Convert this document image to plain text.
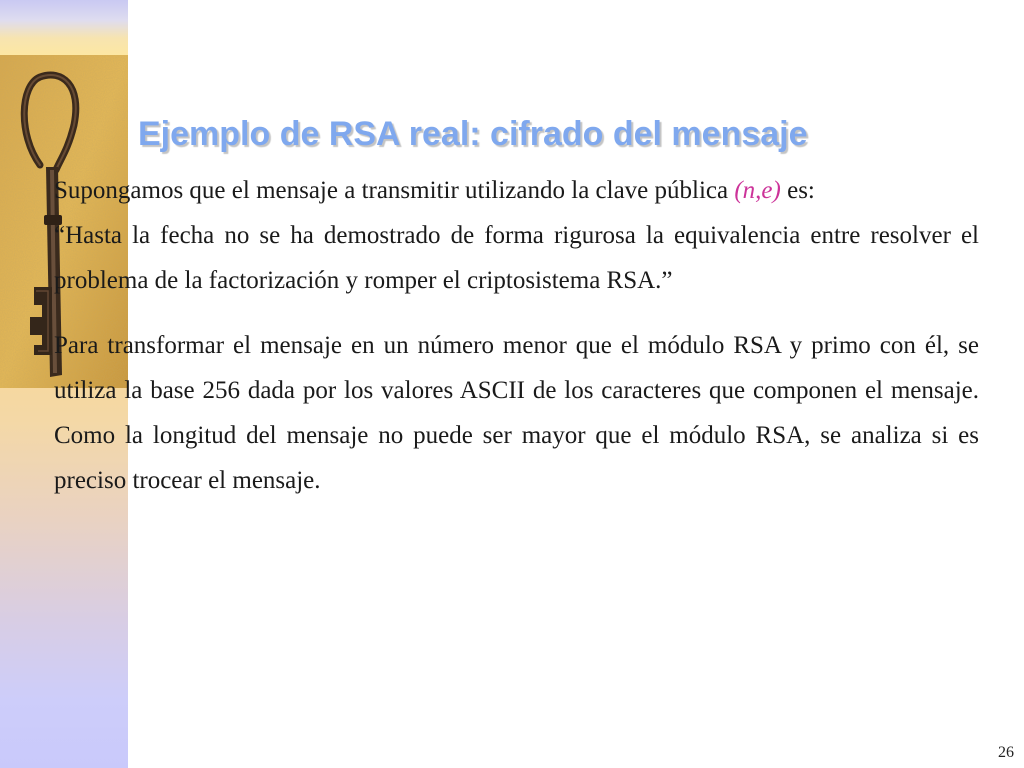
Ejemplo de RSA real: cifrado del mensaje

Supongamos que el mensaje a transmitir utilizando la clave pública (n,e) es:

“Hasta la fecha no se ha demostrado de forma rigurosa la equivalencia entre resolver el problema de la factorización y romper el criptosistema RSA.”

Para transformar el mensaje en un número menor que el módulo RSA y primo con él, se utiliza la base 256 dada por los valores ASCII de los caracteres que componen el mensaje. Como la longitud del mensaje no puede ser mayor que el módulo RSA, se analiza si es preciso trocear el mensaje.

26
